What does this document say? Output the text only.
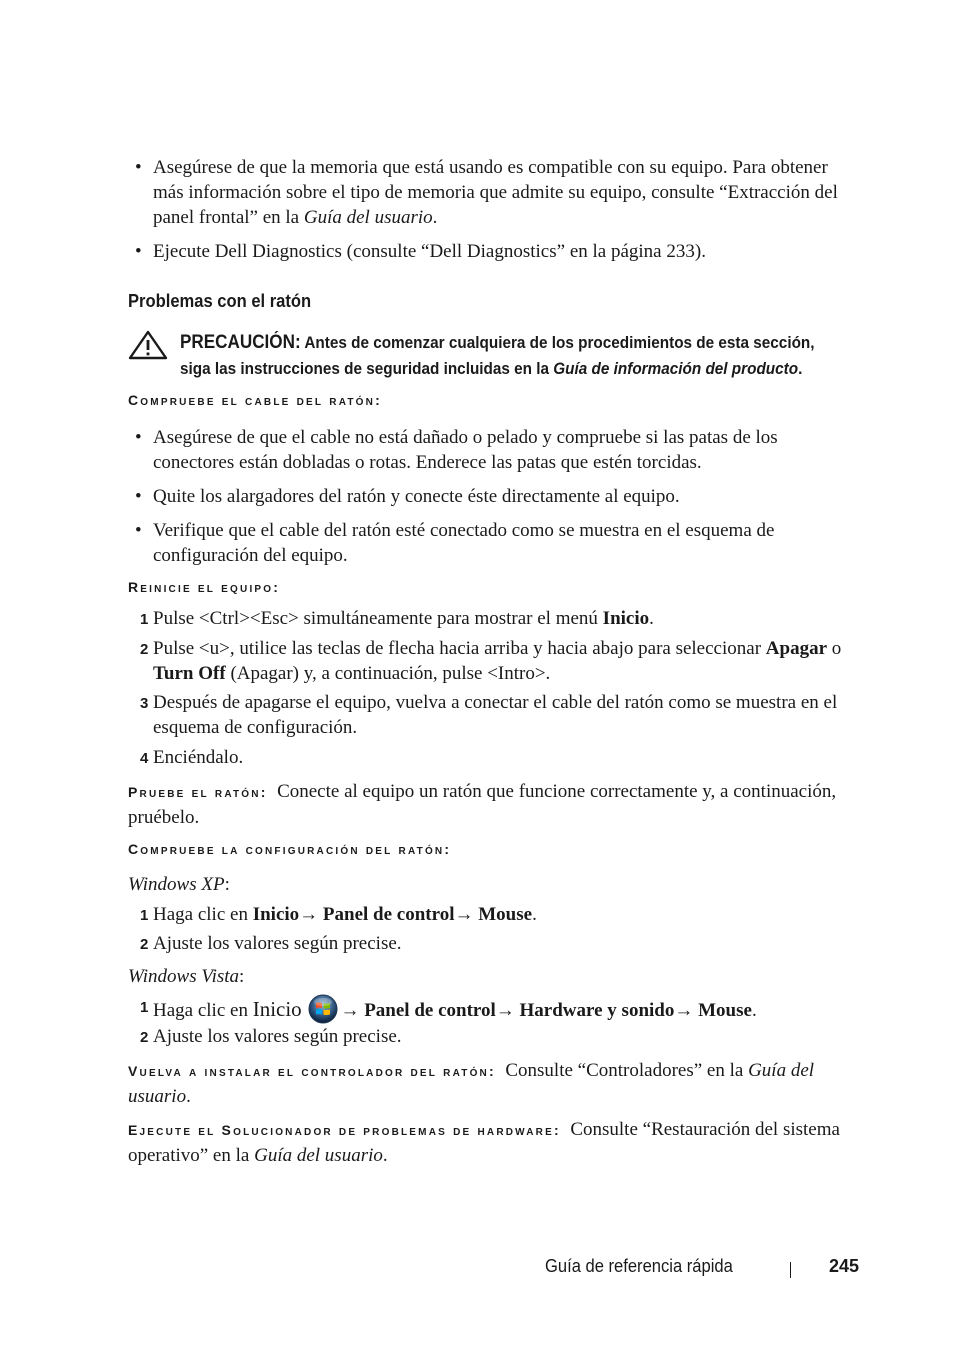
• Asegúrese de que la memoria que está usando es compatible con su equipo. Para obtener más información sobre el tipo de memoria que admite su equipo, consulte “Extracción del panel frontal” en la Guía del usuario.
• Ejecute Dell Diagnostics (consulte “Dell Diagnostics” en la página 233).
Problemas con el ratón
PRECAUCIÓN: Antes de comenzar cualquiera de los procedimientos de esta sección,
siga las instrucciones de seguridad incluidas en la Guía de información del producto.
Compruebe el cable del ratón:
• Asegúrese de que el cable no está dañado o pelado y compruebe si las patas de los conectores están dobladas o rotas. Enderece las patas que estén torcidas.
• Quite los alargadores del ratón y conecte éste directamente al equipo.
• Verifique que el cable del ratón esté conectado como se muestra en el esquema de configuración del equipo.
Reinicie el equipo:
1 Pulse <Ctrl><Esc> simultáneamente para mostrar el menú Inicio.
2 Pulse <u>, utilice las teclas de flecha hacia arriba y hacia abajo para seleccionar Apagar o Turn Off (Apagar) y, a continuación, pulse <Intro>.
3 Después de apagarse el equipo, vuelva a conectar el cable del ratón como se muestra en el esquema de configuración.
4 Enciéndalo.
Pruebe el ratón: Conecte al equipo un ratón que funcione correctamente y, a continuación, pruébelo.
Compruebe la configuración del ratón:
Windows XP:
1 Haga clic en Inicio→ Panel de control→ Mouse.
2 Ajuste los valores según precise.
Windows Vista:
1 Haga clic en Inicio → Panel de control→ Hardware y sonido→ Mouse.
2 Ajuste los valores según precise.
Vuelva a instalar el controlador del ratón: Consulte “Controladores” en la Guía del usuario.
Ejecute el Solucionador de problemas de hardware: Consulte “Restauración del sistema operativo” en la Guía del usuario.
Guía de referencia rápida	245
